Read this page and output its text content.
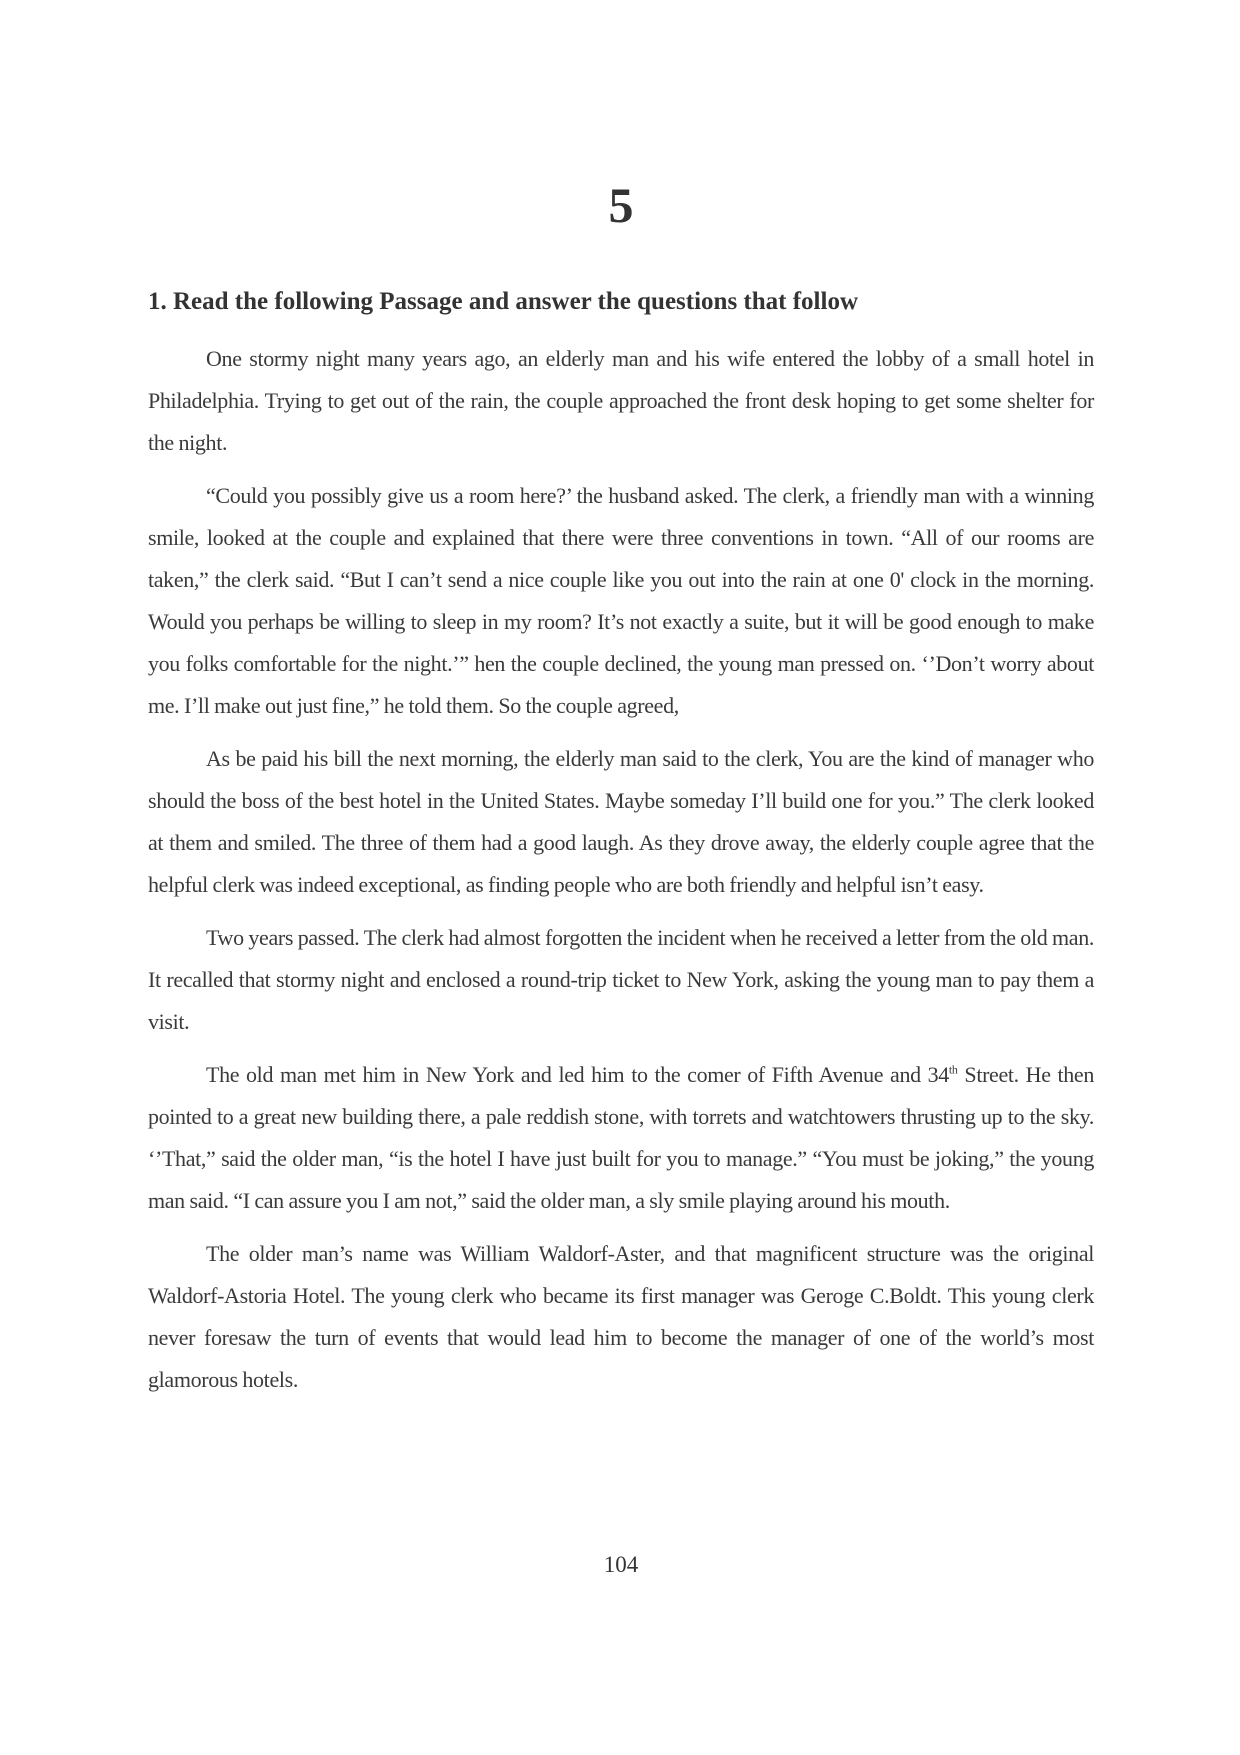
5
1. Read the following Passage and answer the questions that follow

One stormy night many years ago, an elderly man and his wife entered the lobby of a small hotel in Philadelphia. Trying to get out of the rain, the couple approached the front desk hoping to get some shelter for the night.

“Could you possibly give us a room here?’ the husband asked. The clerk, a friendly man with a winning smile, looked at the couple and explained that there were three conventions in town. “All of our rooms are taken,” the clerk said. “But I can’t send a nice couple like you out into the rain at one 0' clock in the morning. Would you perhaps be willing to sleep in my room? It’s not exactly a suite, but it will be good enough to make you folks comfortable for the night.’” hen the couple declined, the young man pressed on. ‘’Don’t worry about me. I’ll make out just fine,” he told them. So the couple agreed,

As be paid his bill the next morning, the elderly man said to the clerk, You are the kind of manager who should the boss of the best hotel in the United States. Maybe someday I’ll build one for you.” The clerk looked at them and smiled. The three of them had a good laugh. As they drove away, the elderly couple agree that the helpful clerk was indeed exceptional, as finding people who are both friendly and helpful isn’t easy.

Two years passed. The clerk had almost forgotten the incident when he received a letter from the old man. It recalled that stormy night and enclosed a round-trip ticket to New York, asking the young man to pay them a visit.

The old man met him in New York and led him to the comer of Fifth Avenue and 34th Street. He then pointed to a great new building there, a pale reddish stone, with torrets and watchtowers thrusting up to the sky. ‘’That,” said the older man, “is the hotel I have just built for you to manage.” “You must be joking,” the young man said. “I can assure you I am not,” said the older man, a sly smile playing around his mouth.

The older man’s name was William Waldorf-Aster, and that magnificent structure was the original Waldorf-Astoria Hotel. The young clerk who became its first manager was Geroge C.Boldt. This young clerk never foresaw the turn of events that would lead him to become the manager of one of the world’s most glamorous hotels.

104
